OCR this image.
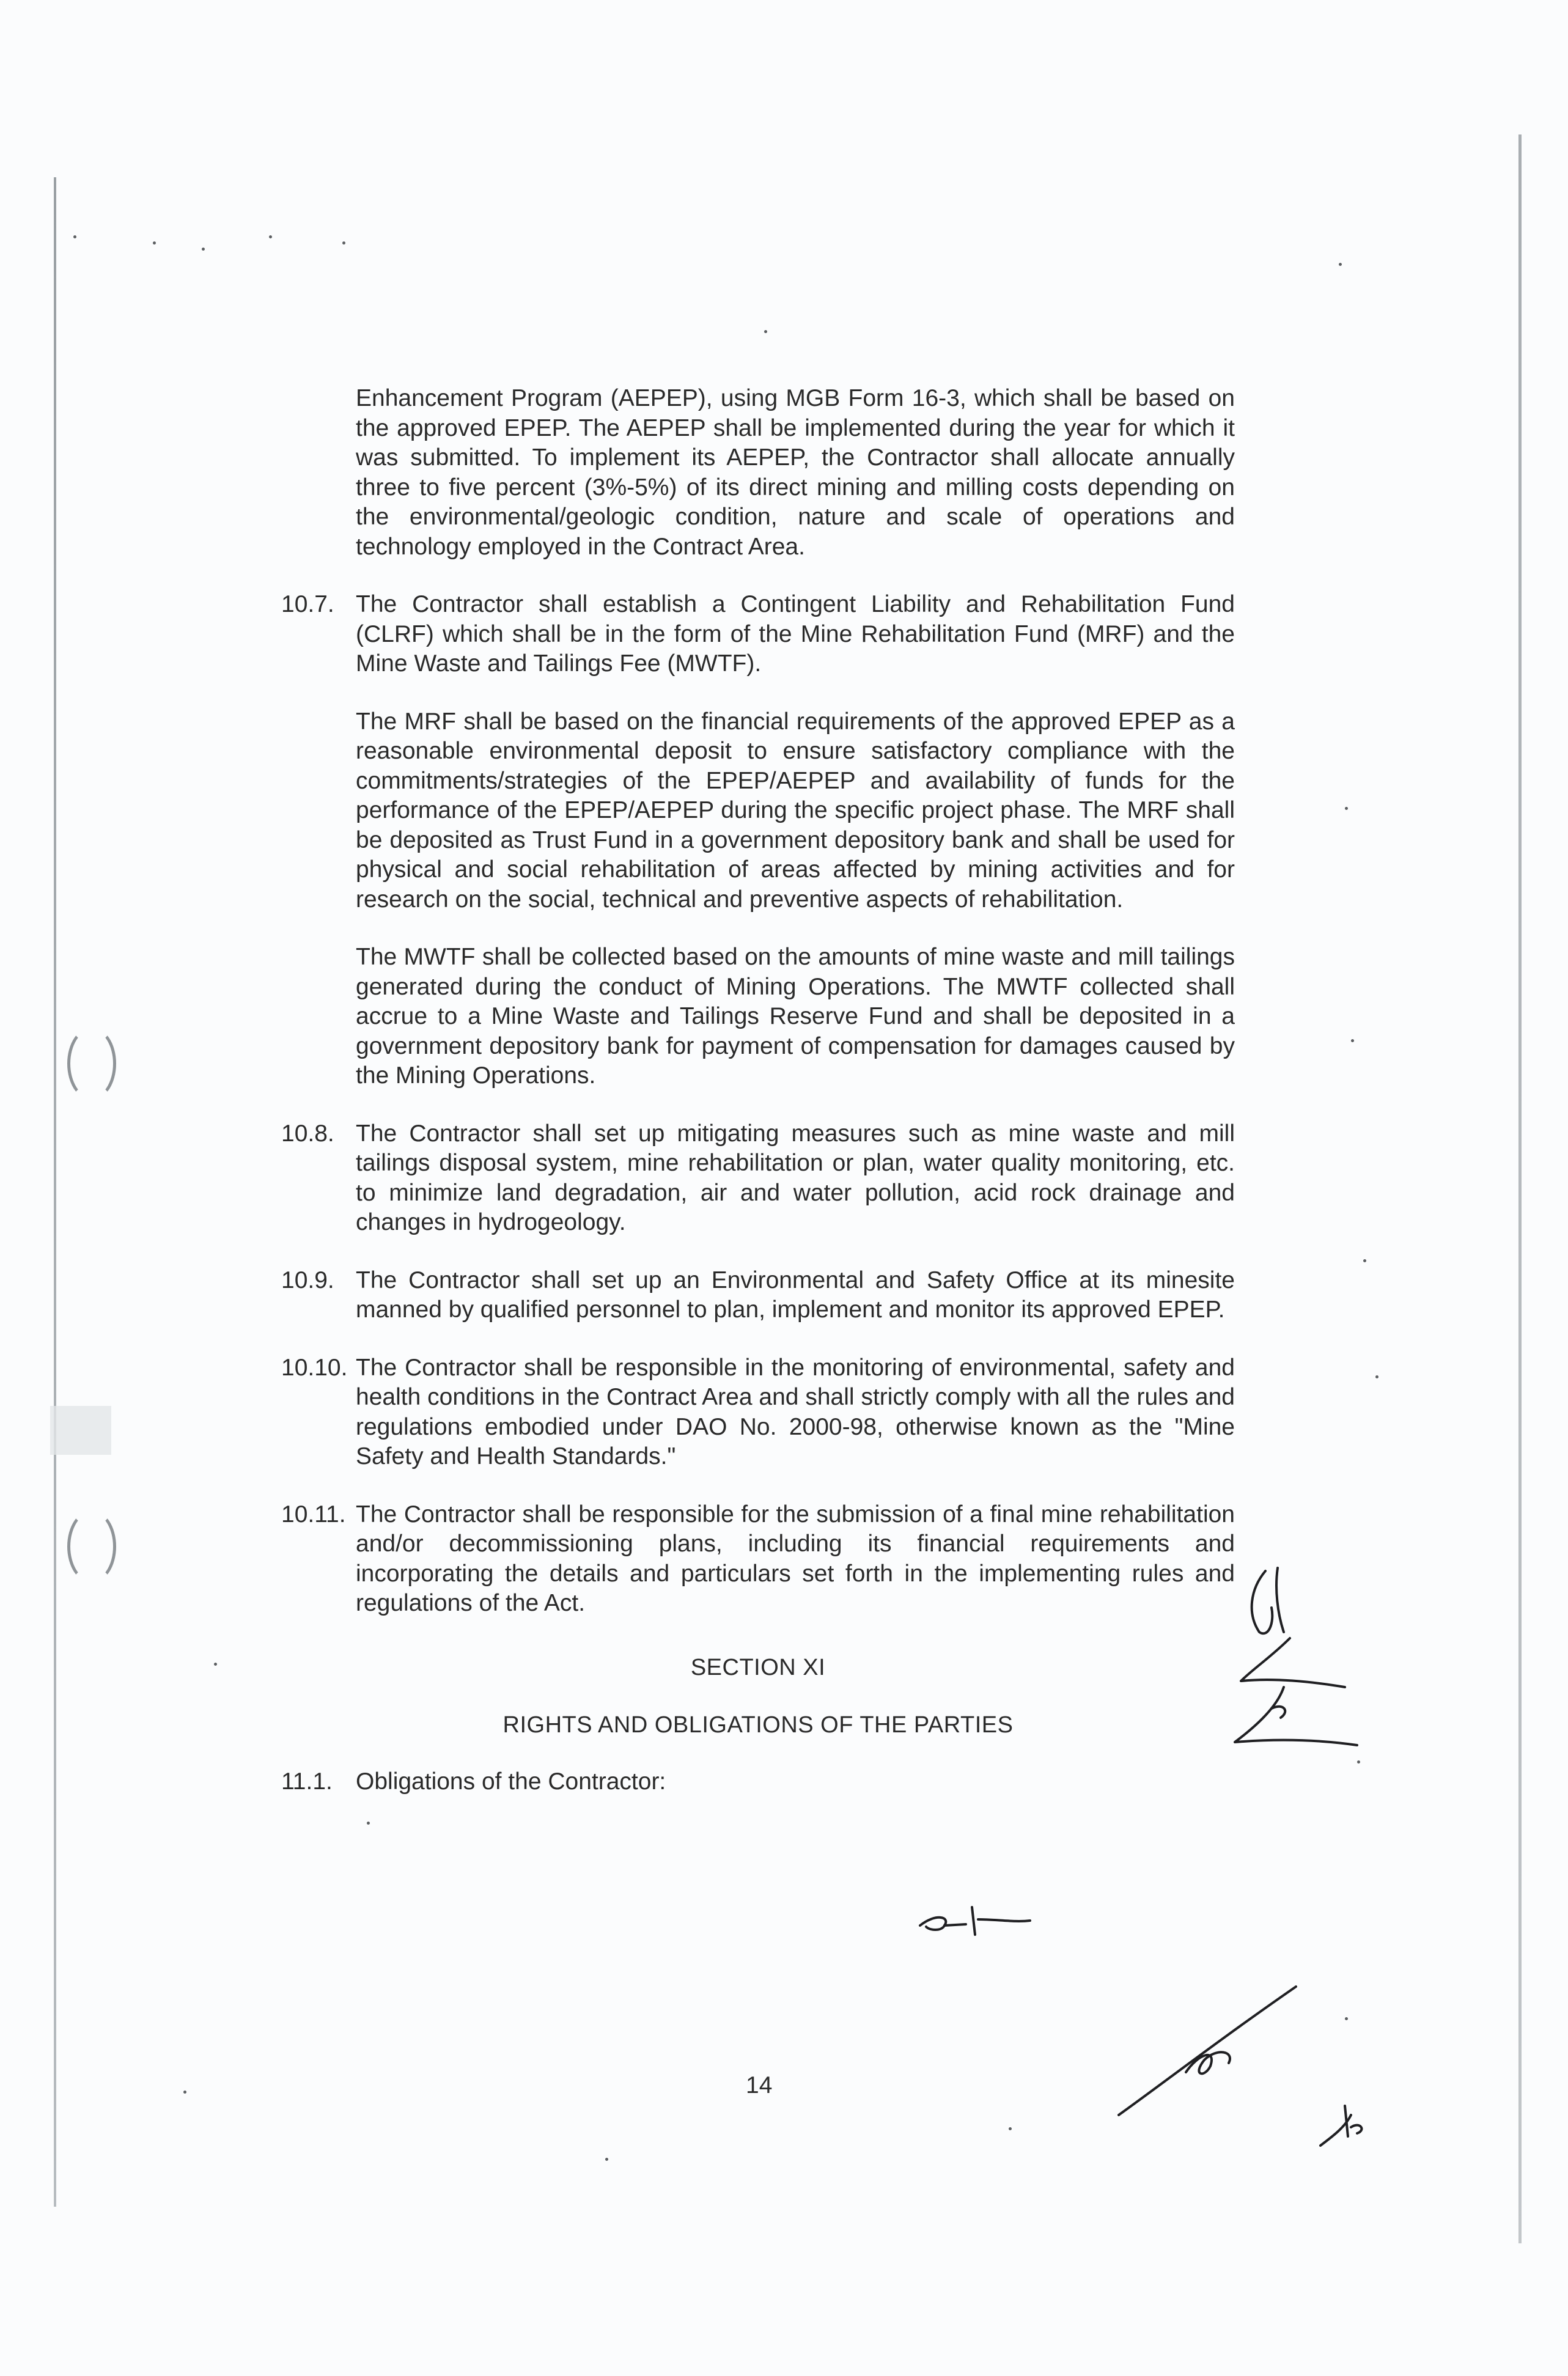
Enhancement Program (AEPEP), using MGB Form 16-3, which shall be based on the approved EPEP. The AEPEP shall be implemented during the year for which it was submitted. To implement its AEPEP, the Contractor shall allocate annually three to five percent (3%-5%) of its direct mining and milling costs depending on the environmental/geologic condition, nature and scale of operations and technology employed in the Contract Area.
10.7. The Contractor shall establish a Contingent Liability and Rehabilitation Fund (CLRF) which shall be in the form of the Mine Rehabilitation Fund (MRF) and the Mine Waste and Tailings Fee (MWTF).
The MRF shall be based on the financial requirements of the approved EPEP as a reasonable environmental deposit to ensure satisfactory compliance with the commitments/strategies of the EPEP/AEPEP and availability of funds for the performance of the EPEP/AEPEP during the specific project phase. The MRF shall be deposited as Trust Fund in a government depository bank and shall be used for physical and social rehabilitation of areas affected by mining activities and for research on the social, technical and preventive aspects of rehabilitation.
The MWTF shall be collected based on the amounts of mine waste and mill tailings generated during the conduct of Mining Operations. The MWTF collected shall accrue to a Mine Waste and Tailings Reserve Fund and shall be deposited in a government depository bank for payment of compensation for damages caused by the Mining Operations.
10.8. The Contractor shall set up mitigating measures such as mine waste and mill tailings disposal system, mine rehabilitation or plan, water quality monitoring, etc. to minimize land degradation, air and water pollution, acid rock drainage and changes in hydrogeology.
10.9. The Contractor shall set up an Environmental and Safety Office at its minesite manned by qualified personnel to plan, implement and monitor its approved EPEP.
10.10. The Contractor shall be responsible in the monitoring of environmental, safety and health conditions in the Contract Area and shall strictly comply with all the rules and regulations embodied under DAO No. 2000-98, otherwise known as the "Mine Safety and Health Standards."
10.11. The Contractor shall be responsible for the submission of a final mine rehabilitation and/or decommissioning plans, including its financial requirements and incorporating the details and particulars set forth in the implementing rules and regulations of the Act.
SECTION XI
RIGHTS AND OBLIGATIONS OF THE PARTIES
11.1. Obligations of the Contractor:
14
